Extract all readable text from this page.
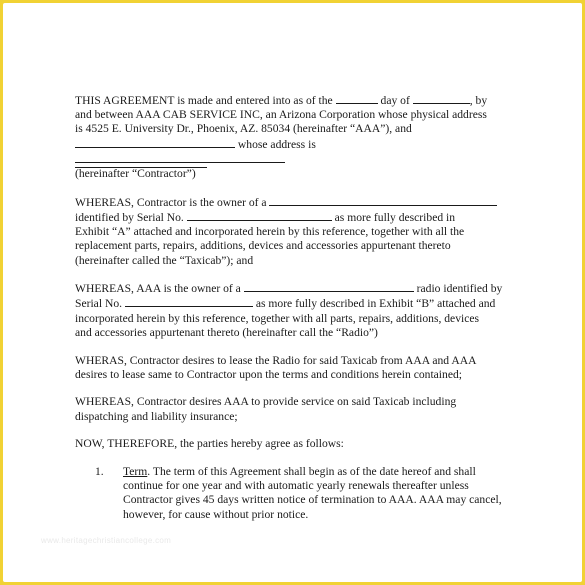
THIS AGREEMENT is made and entered into as of the	day of	, by
and between AAA CAB SERVICE INC, an Arizona Corporation whose physical address
is 4525 E. University Dr., Phoenix, AZ. 85034 (hereinafter “AAA”), and
whose address is
(hereinafter “Contractor”)
WHEREAS, Contractor is the owner of a
identified by Serial No.	as more fully described in
Exhibit “A” attached and incorporated herein by this reference, together with all the
replacement parts, repairs, additions, devices and accessories appurtenant thereto
(hereinafter called the “Taxicab”); and
WHEREAS, AAA is the owner of a	radio identified by
Serial No.	as more fully described in Exhibit “B” attached and
incorporated herein by this reference, together with all parts, repairs, additions, devices
and accessories appurtenant thereto (hereinafter call the “Radio”)
WHERAS, Contractor desires to lease the Radio for said Taxicab from AAA and AAA
desires to lease same to Contractor upon the terms and conditions herein contained;
WHEREAS, Contractor desires AAA to provide service on said Taxicab including
dispatching and liability insurance;
NOW, THEREFORE, the parties hereby agree as follows:
1. Term. The term of this Agreement shall begin as of the date hereof and shall
continue for one year and with automatic yearly renewals thereafter unless
Contractor gives 45 days written notice of termination to AAA. AAA may cancel,
however, for cause without prior notice.
www.heritagechristiancollege.com
